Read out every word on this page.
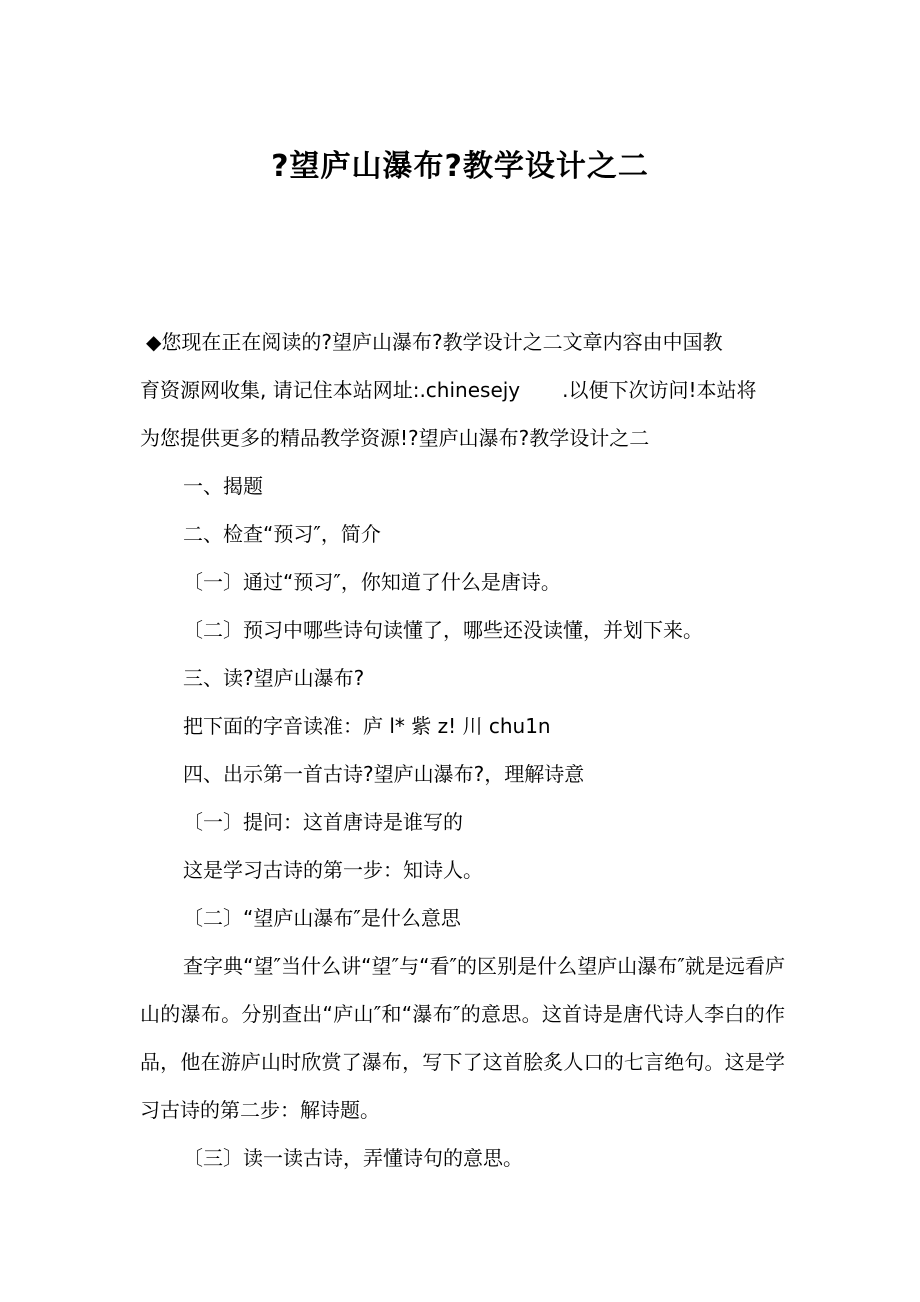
?望庐山瀑布?教学设计之二

◆您现在正在阅读的?望庐山瀑布?教学设计之二文章内容由中国教

育资源网收集, 请记住本站网址:.chinesejy .以便下次访问!本站将

为您提供更多的精品教学资源!?望庐山瀑布?教学设计之二

一、揭题

二、检查“预习″，简介

〔一〕通过“预习″，你知道了什么是唐诗。

〔二〕预习中哪些诗句读懂了，哪些还没读懂，并划下来。

三、读?望庐山瀑布?

把下面的字音读准：庐 l* 紫 z! 川 chu1n

四、出示第一首古诗?望庐山瀑布?，理解诗意

〔一〕提问：这首唐诗是谁写的

这是学习古诗的第一步：知诗人。

〔二〕“望庐山瀑布″是什么意思

查字典“望″当什么讲“望″与“看″的区别是什么望庐山瀑布″就是远看庐山的瀑布。分别查出“庐山″和“瀑布″的意思。这首诗是唐代诗人李白的作品，他在游庐山时欣赏了瀑布，写下了这首脍炙人口的七言绝句。这是学习古诗的第二步：解诗题。

〔三〕读一读古诗，弄懂诗句的意思。
